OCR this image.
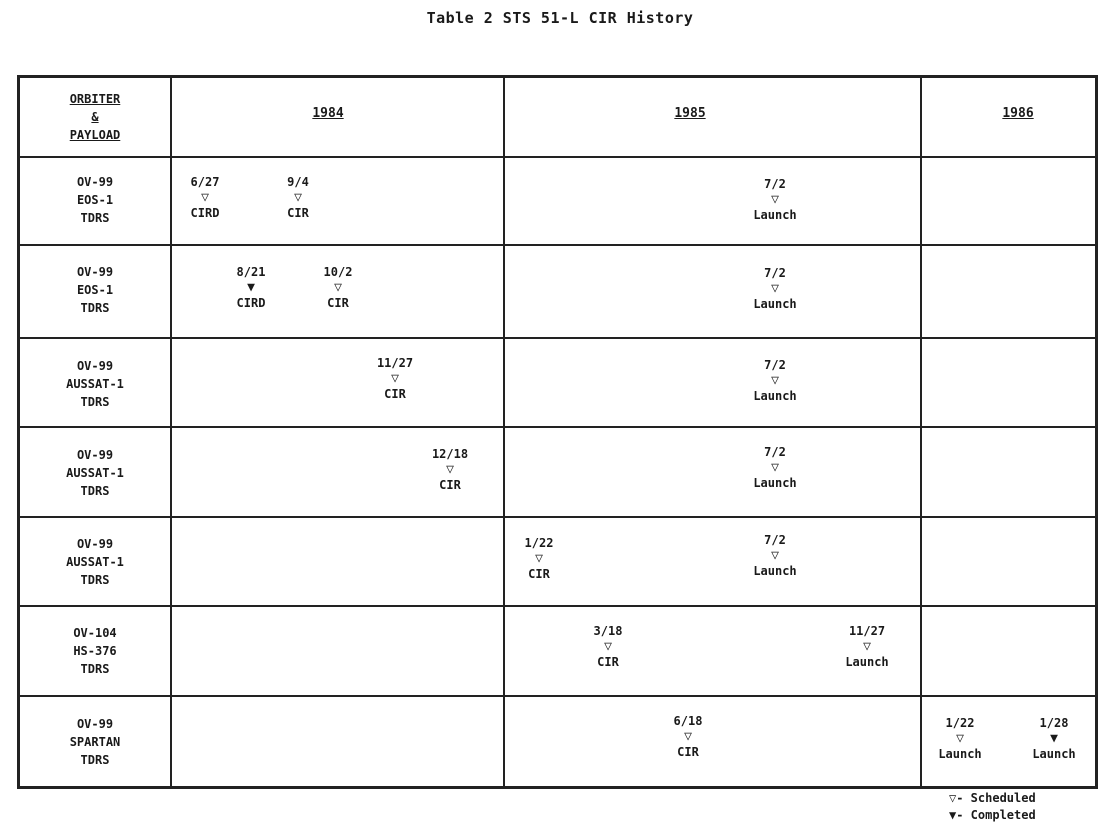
Table 2 STS 51-L CIR History
ORBITER
&
PAYLOAD
1984	1985	1986
OV-99
EOS-1
TDRS
OV-99
EOS-1
TDRS
OV-99
AUSSAT-1
TDRS
OV-99
AUSSAT-1
TDRS
OV-99
AUSSAT-1
TDRS
OV-104
HS-376
TDRS
OV-99
SPARTAN
TDRS
6/27
▽
CIRD
9/4
▽
CIR
7/2
▽
Launch
8/21
▼
CIRD
10/2
▽
CIR
7/2
▽
Launch
11/27
▽
CIR
7/2
▽
Launch
12/18
▽
CIR
7/2
▽
Launch
1/22
▽
CIR
7/2
▽
Launch
3/18
▽
CIR
11/27
▽
Launch
6/18
▽
CIR
1/22
▽
Launch
1/28
▼
Launch
▽- Scheduled
▼- Completed
